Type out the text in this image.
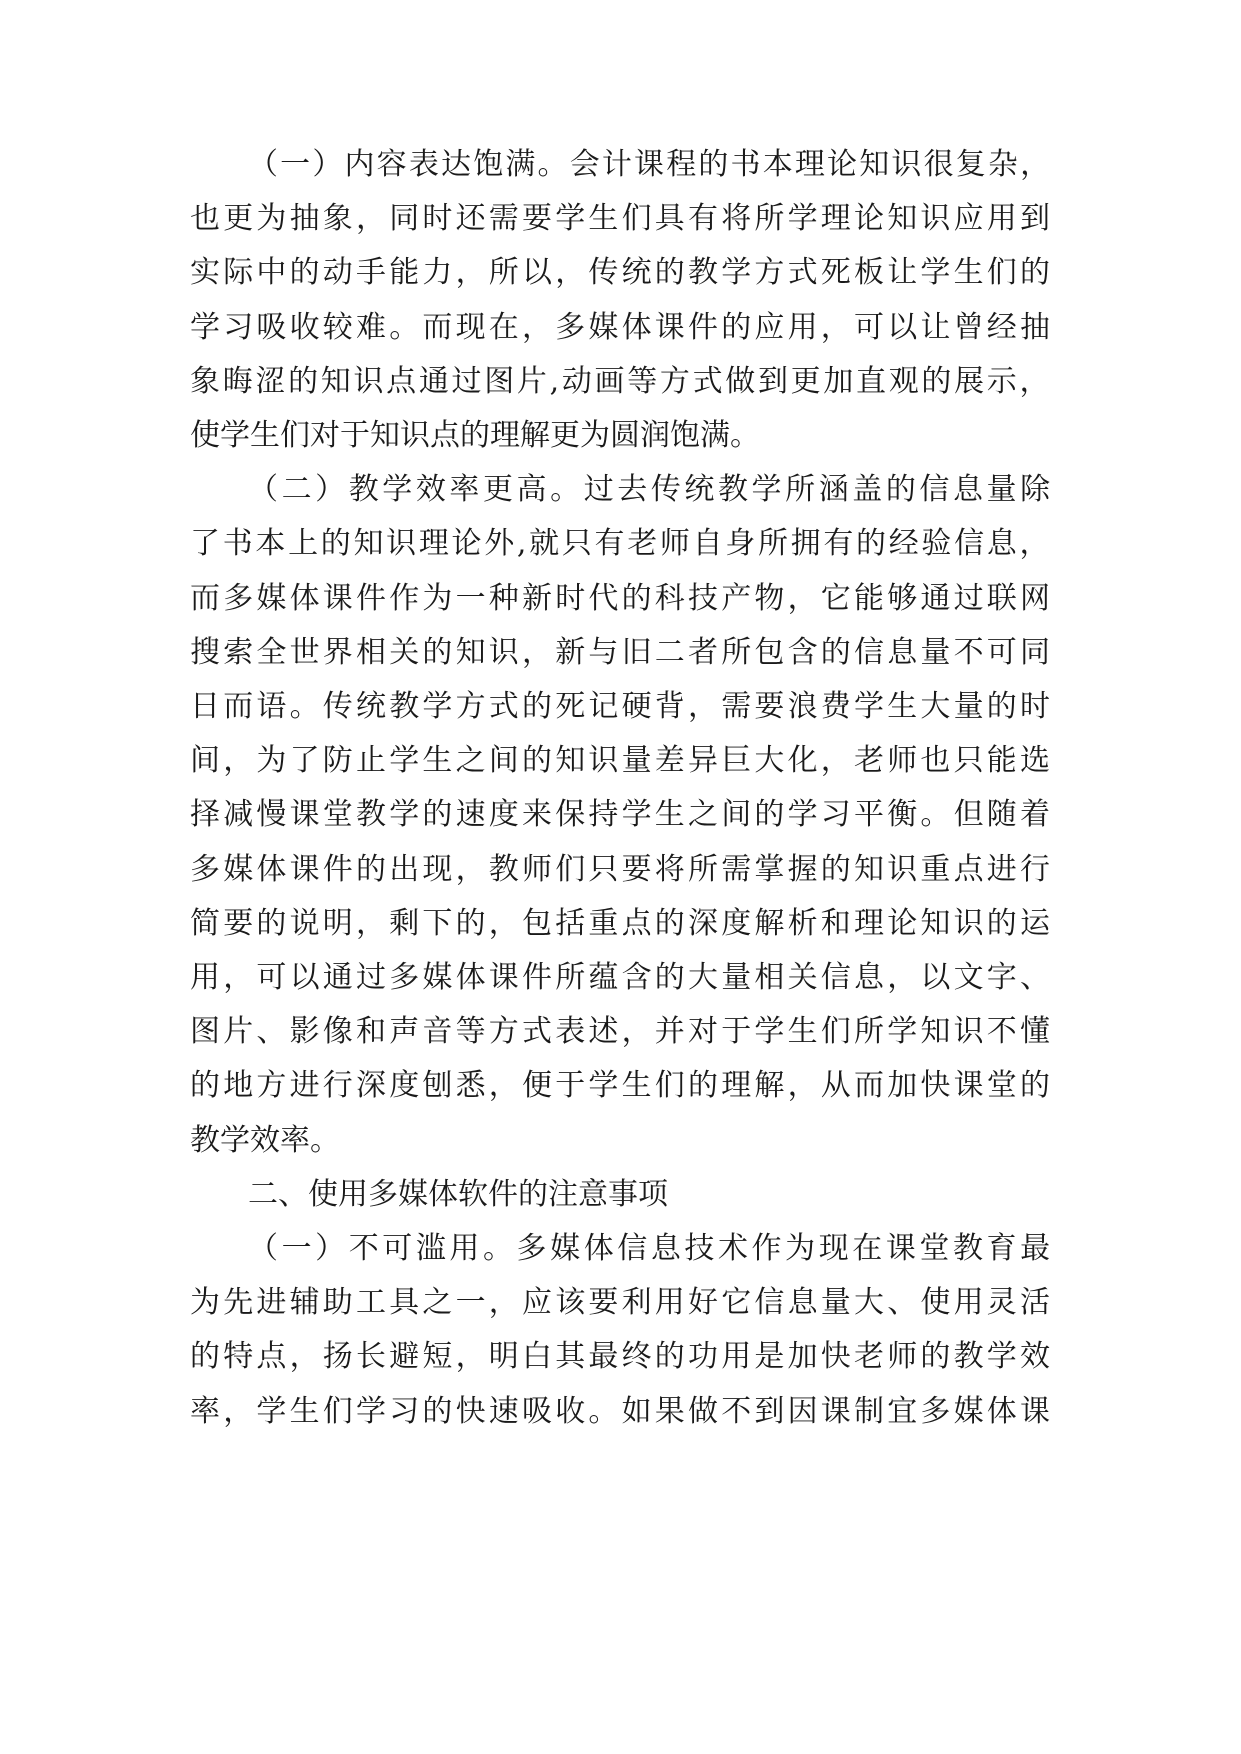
（一）内容表达饱满。会计课程的书本理论知识很复杂，
也更为抽象，同时还需要学生们具有将所学理论知识应用到
实际中的动手能力，所以，传统的教学方式死板让学生们的
学习吸收较难。而现在，多媒体课件的应用，可以让曾经抽
象晦涩的知识点通过图片,动画等方式做到更加直观的展示，
使学生们对于知识点的理解更为圆润饱满。
（二）教学效率更高。过去传统教学所涵盖的信息量除
了书本上的知识理论外,就只有老师自身所拥有的经验信息，
而多媒体课件作为一种新时代的科技产物，它能够通过联网
搜索全世界相关的知识，新与旧二者所包含的信息量不可同
日而语。传统教学方式的死记硬背，需要浪费学生大量的时
间，为了防止学生之间的知识量差异巨大化，老师也只能选
择减慢课堂教学的速度来保持学生之间的学习平衡。但随着
多媒体课件的出现，教师们只要将所需掌握的知识重点进行
简要的说明，剩下的，包括重点的深度解析和理论知识的运
用，可以通过多媒体课件所蕴含的大量相关信息，以文字、
图片、影像和声音等方式表述，并对于学生们所学知识不懂
的地方进行深度刨悉，便于学生们的理解，从而加快课堂的
教学效率。
二、使用多媒体软件的注意事项
（一）不可滥用。多媒体信息技术作为现在课堂教育最
为先进辅助工具之一，应该要利用好它信息量大、使用灵活
的特点，扬长避短，明白其最终的功用是加快老师的教学效
率，学生们学习的快速吸收。如果做不到因课制宜多媒体课
